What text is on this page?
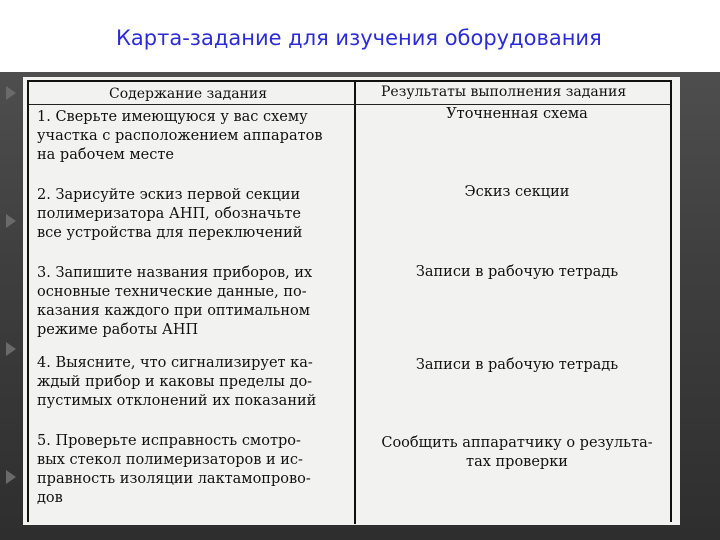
Карта-задание для изучения оборудования
Содержание задания	Результаты выполнения задания
1. Сверьте имеющуюся у вас схему
участка с расположением аппаратов
на рабочем месте
Уточненная схема
2. Зарисуйте эскиз первой секции
полимеризатора АНП, обозначьте
все устройства для переключений
Эскиз секции
3. Запишите названия приборов, их
основные технические данные, по-
казания каждого при оптимальном
режиме работы АНП
Записи в рабочую тетрадь
4. Выясните, что сигнализирует ка-
ждый прибор и каковы пределы до-
пустимых отклонений их показаний
Записи в рабочую тетрадь
5. Проверьте исправность смотро-
вых стекол полимеризаторов и ис-
правность изоляции лактамопрово-
дов
Сообщить аппаратчику о результа-
тах проверки
